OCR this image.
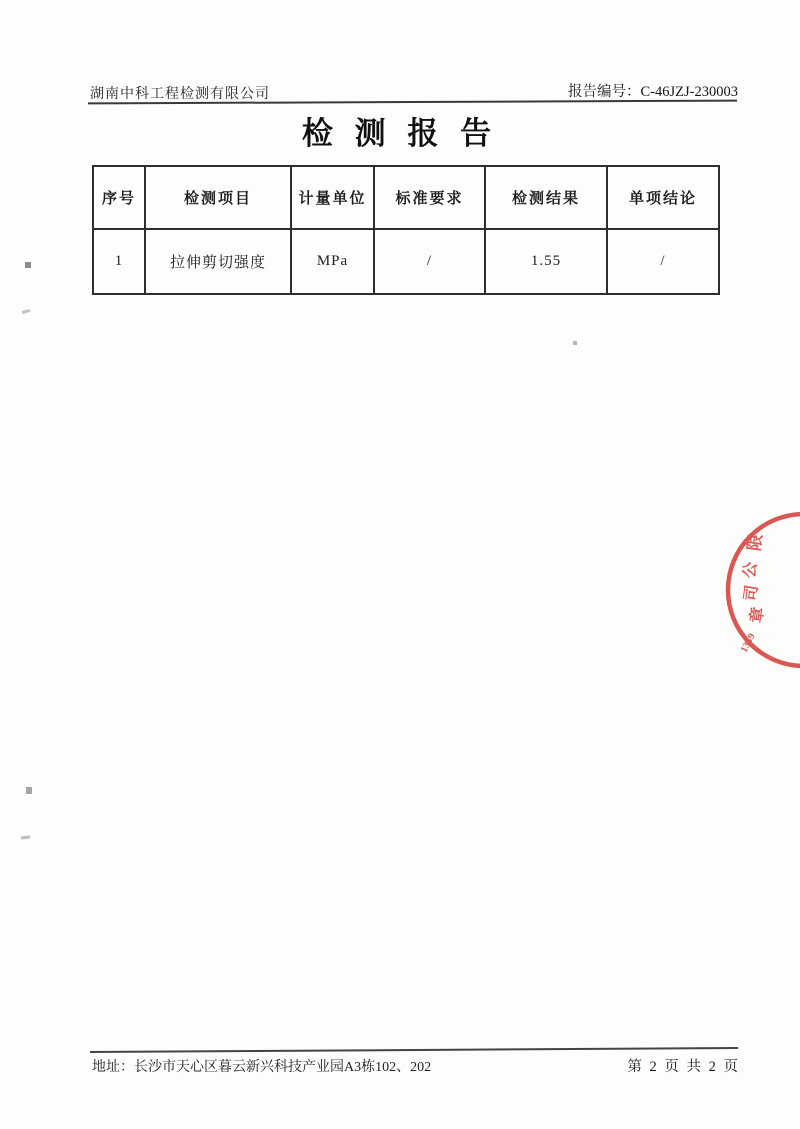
湖南中科工程检测有限公司	报告编号：C-46JZJ-230003
检 测 报 告
序号	检测项目	计量单位	标准要求	检测结果	单项结论
1	拉伸剪切强度	MPa	/	1.55	/
限
公
司
章
1339
地址：长沙市天心区暮云新兴科技产业园A3栋102、202	第 2 页 共 2 页
